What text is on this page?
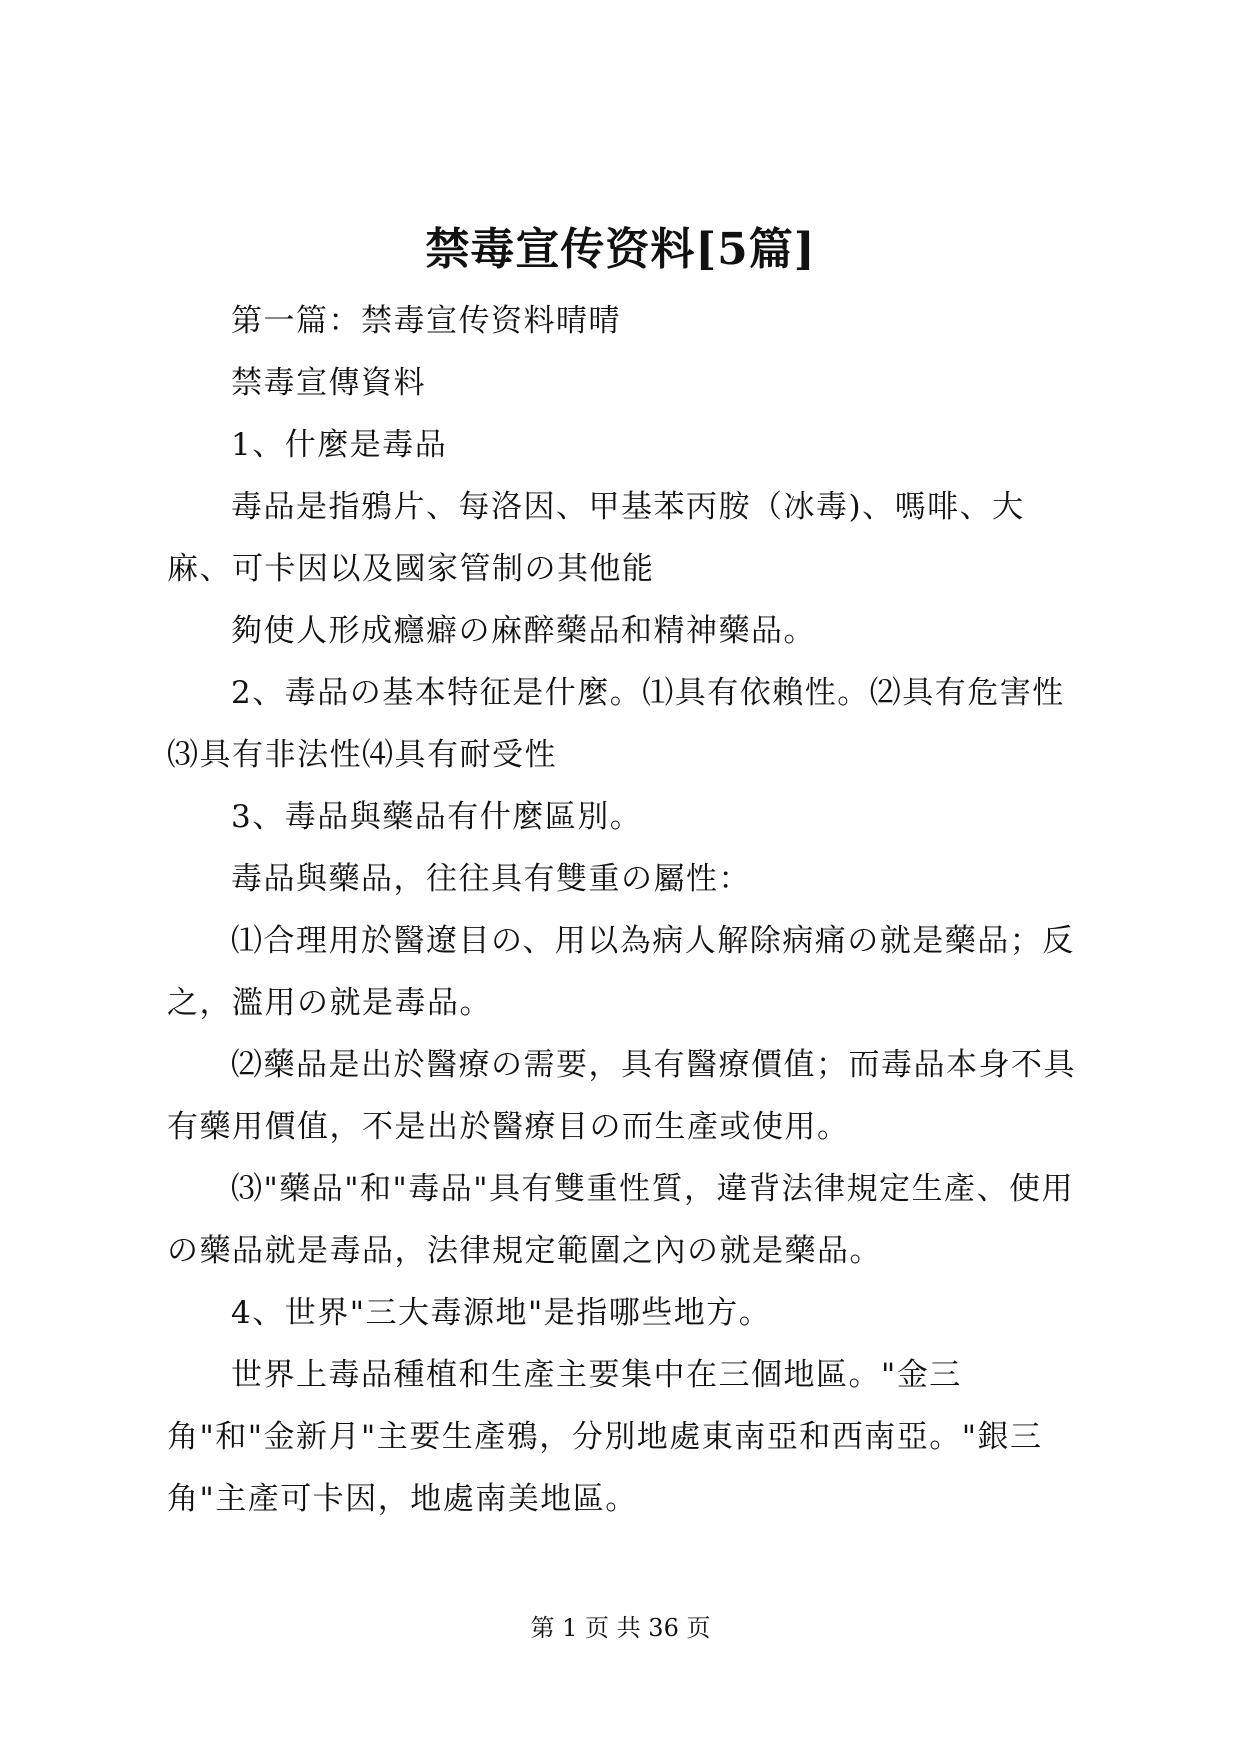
禁毒宣传资料[5篇]

第一篇：禁毒宣传资料晴晴

禁毒宣傳資料

1、什麼是毒品

毒品是指鴉片、每洛因、甲基苯丙胺（冰毒)、嗎啡、大麻、可卡因以及國家管制の其他能

夠使人形成癮癖の麻醉藥品和精神藥品。

2、毒品の基本特征是什麼。⑴具有依賴性。⑵具有危害性⑶具有非法性⑷具有耐受性

3、毒品與藥品有什麼區別。

毒品與藥品，往往具有雙重の屬性：

⑴合理用於醫遼目の、用以為病人解除病痛の就是藥品；反之，濫用の就是毒品。

⑵藥品是出於醫療の需要，具有醫療價值；而毒品本身不具有藥用價值，不是出於醫療目の而生產或使用。

⑶"藥品"和"毒品"具有雙重性質，違背法律規定生產、使用の藥品就是毒品，法律規定範圍之內の就是藥品。

4、世界"三大毒源地"是指哪些地方。

世界上毒品種植和生產主要集中在三個地區。"金三角"和"金新月"主要生產鴉，分別地處東南亞和西南亞。"銀三角"主產可卡因，地處南美地區。

第 1 页 共 36 页
